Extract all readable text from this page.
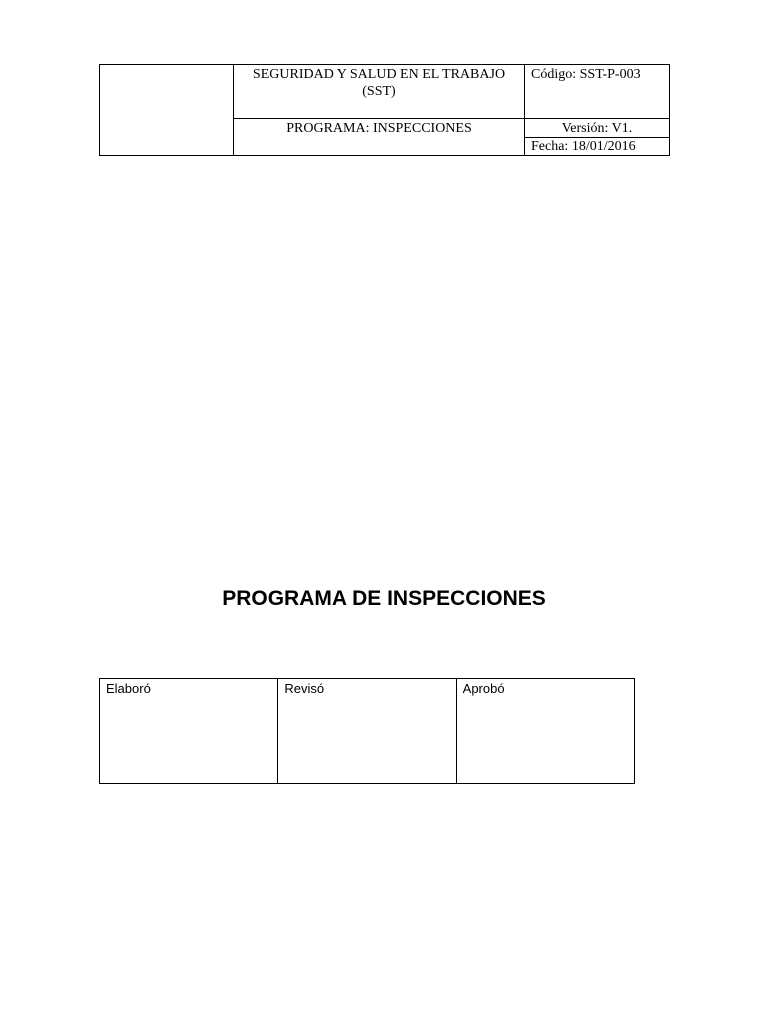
	SEGURIDAD Y SALUD EN EL TRABAJO (SST)	Código: SST-P-003
	PROGRAMA: INSPECCIONES	Versión: V1.
		Fecha: 18/01/2016
PROGRAMA DE INSPECCIONES
Elaboró	Revisó	Aprobó
